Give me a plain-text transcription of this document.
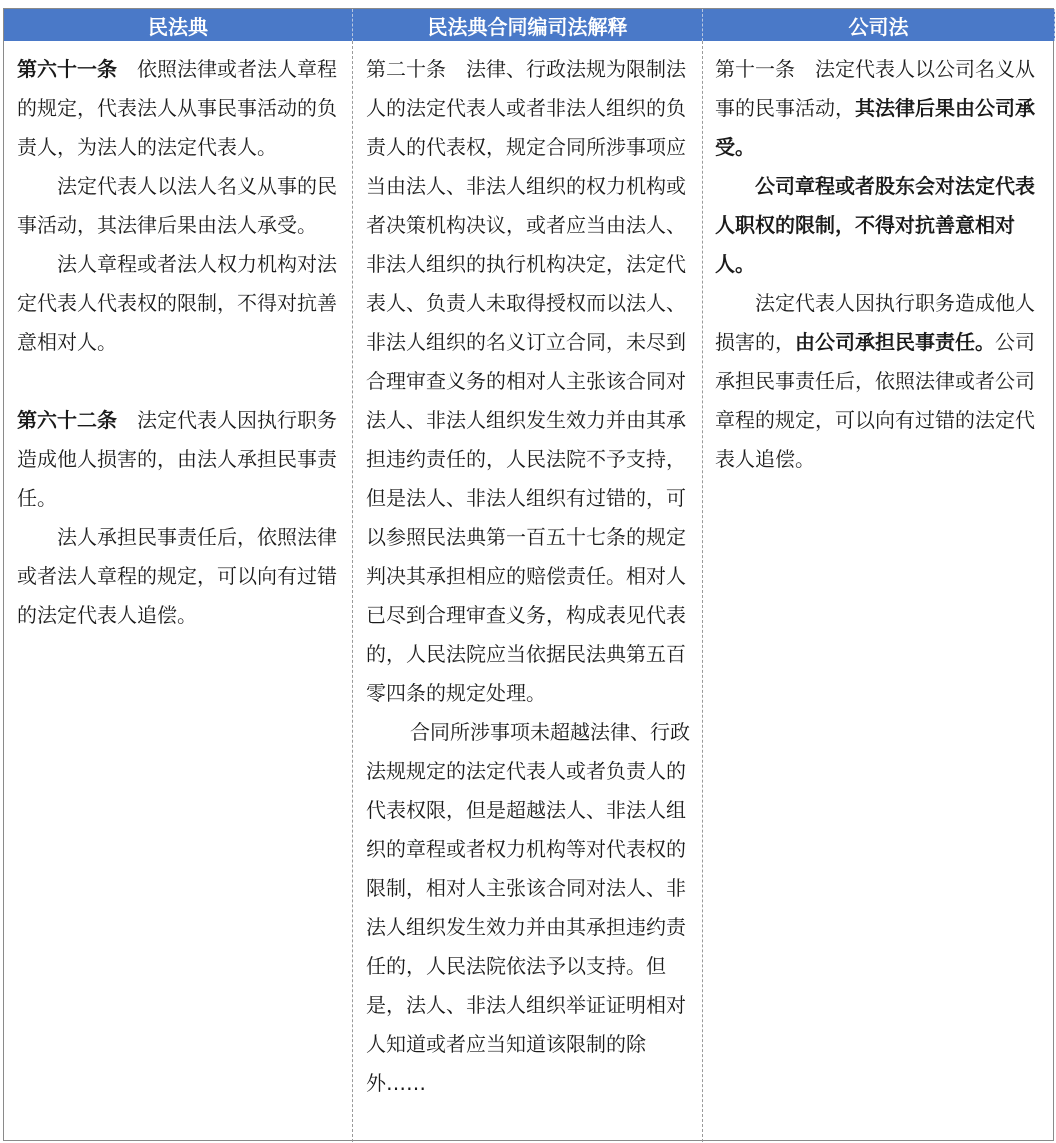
民法典	民法典合同编司法解释	公司法

第六十一条 依照法律或者法人章程的规定，代表法人从事民事活动的负责人，为法人的法定代表人。

法定代表人以法人名义从事的民事活动，其法律后果由法人承受。

法人章程或者法人权力机构对法定代表人代表权的限制，不得对抗善意相对人。

第六十二条 法定代表人因执行职务造成他人损害的，由法人承担民事责任。

法人承担民事责任后，依照法律或者法人章程的规定，可以向有过错的法定代表人追偿。

第二十条 法律、行政法规为限制法人的法定代表人或者非法人组织的负责人的代表权，规定合同所涉事项应当由法人、非法人组织的权力机构或者决策机构决议，或者应当由法人、非法人组织的执行机构决定，法定代表人、负责人未取得授权而以法人、非法人组织的名义订立合同，未尽到合理审查义务的相对人主张该合同对法人、非法人组织发生效力并由其承担违约责任的，人民法院不予支持，但是法人、非法人组织有过错的，可以参照民法典第一百五十七条的规定判决其承担相应的赔偿责任。相对人已尽到合理审查义务，构成表见代表的，人民法院应当依据民法典第五百零四条的规定处理。

合同所涉事项未超越法律、行政法规规定的法定代表人或者负责人的代表权限，但是超越法人、非法人组织的章程或者权力机构等对代表权的限制，相对人主张该合同对法人、非法人组织发生效力并由其承担违约责任的，人民法院依法予以支持。但是，法人、非法人组织举证证明相对人知道或者应当知道该限制的除外……

第十一条 法定代表人以公司名义从事的民事活动，其法律后果由公司承受。

公司章程或者股东会对法定代表人职权的限制，不得对抗善意相对人。

法定代表人因执行职务造成他人损害的，由公司承担民事责任。公司承担民事责任后，依照法律或者公司章程的规定，可以向有过错的法定代表人追偿。
